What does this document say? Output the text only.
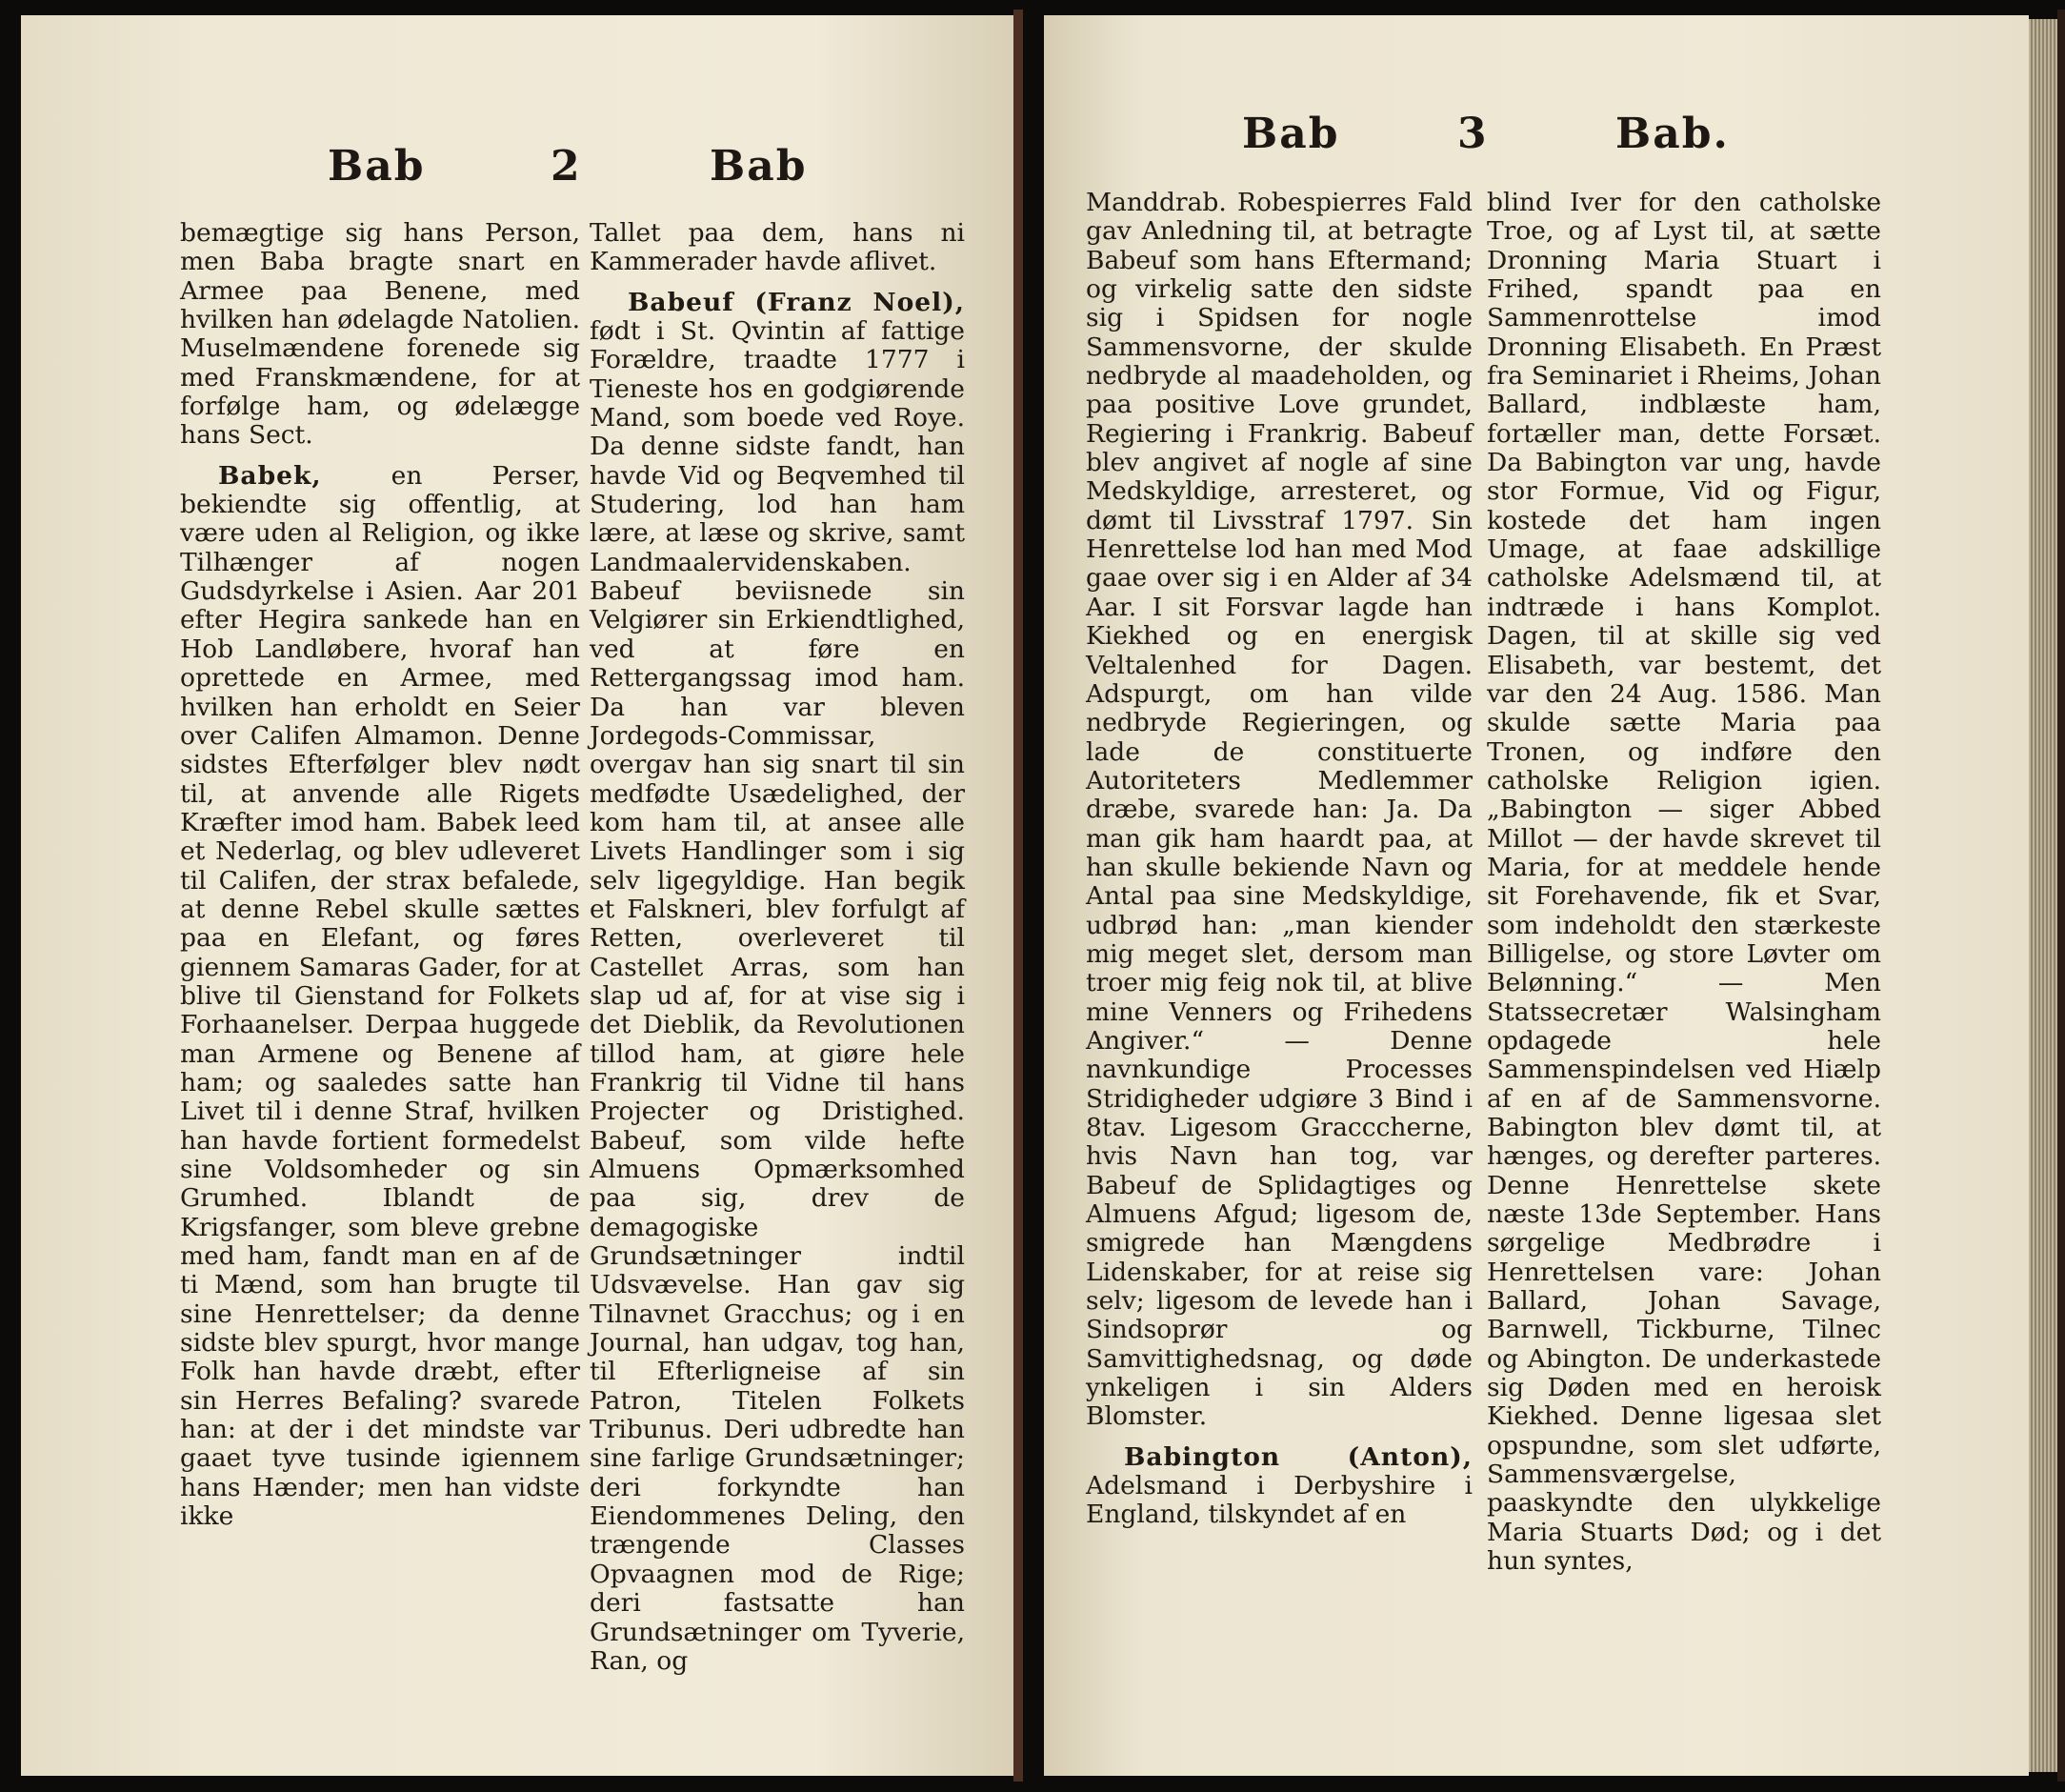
Bab	2	Bab

bemægtige sig hans Person, men Baba bragte snart en Armee paa Benene, med hvilken han ødelagde Natolien. Muselmændene forenede sig med Franskmændene, for at forfølge ham, og ødelægge hans Sect.

Babek, en Perser, bekiendte sig offentlig, at være uden al Religion, og ikke Tilhænger af nogen Gudsdyrkelse i Asien. Aar 201 efter Hegira sankede han en Hob Landløbere, hvoraf han oprettede en Armee, med hvilken han erholdt en Seier over Califen Almamon. Denne sidstes Efterfølger blev nødt til, at anvende alle Rigets Kræfter imod ham. Babek leed et Nederlag, og blev udleveret til Califen, der strax befalede, at denne Rebel skulle sættes paa en Elefant, og føres giennem Samaras Gader, for at blive til Gienstand for Folkets Forhaanelser. Derpaa huggede man Armene og Benene af ham; og saaledes satte han Livet til i denne Straf, hvilken han havde fortient formedelst sine Voldsomheder og sin Grumhed. Iblandt de Krigsfanger, som bleve grebne med ham, fandt man en af de ti Mænd, som han brugte til sine Henrettelser; da denne sidste blev spurgt, hvor mange Folk han havde dræbt, efter sin Herres Befaling? svarede han: at der i det mindste var gaaet tyve tusinde igiennem hans Hænder; men han vidste ikke

Tallet paa dem, hans ni Kammerader havde aflivet.

Babeuf (Franz Noel), født i St. Qvintin af fattige Forældre, traadte 1777 i Tieneste hos en godgiørende Mand, som boede ved Roye. Da denne sidste fandt, han havde Vid og Beqvemhed til Studering, lod han ham lære, at læse og skrive, samt Landmaalervidenskaben. Babeuf beviisnede sin Velgiører sin Erkiendtlighed, ved at føre en Rettergangssag imod ham. Da han var bleven Jordegods-Commissar, overgav han sig snart til sin medfødte Usædelighed, der kom ham til, at ansee alle Livets Handlinger som i sig selv ligegyldige. Han begik et Falskneri, blev forfulgt af Retten, overleveret til Castellet Arras, som han slap ud af, for at vise sig i det Dieblik, da Revolutionen tillod ham, at giøre hele Frankrig til Vidne til hans Projecter og Dristighed. Babeuf, som vilde hefte Almuens Opmærksomhed paa sig, drev de demagogiske Grundsætninger indtil Udsvævelse. Han gav sig Tilnavnet Gracchus; og i en Journal, han udgav, tog han, til Efterligneise af sin Patron, Titelen Folkets Tribunus. Deri udbredte han sine farlige Grundsætninger; deri forkyndte han Eiendommenes Deling, den trængende Classes Opvaagnen mod de Rige; deri fastsatte han Grundsætninger om Tyverie, Ran, og

Bab	3	Bab.

Manddrab. Robespierres Fald gav Anledning til, at betragte Babeuf som hans Eftermand; og virkelig satte den sidste sig i Spidsen for nogle Sammensvorne, der skulde nedbryde al maadeholden, og paa positive Love grundet, Regiering i Frankrig. Babeuf blev angivet af nogle af sine Medskyldige, arresteret, og dømt til Livsstraf 1797. Sin Henrettelse lod han med Mod gaae over sig i en Alder af 34 Aar. I sit Forsvar lagde han Kiekhed og en energisk Veltalenhed for Dagen. Adspurgt, om han vilde nedbryde Regieringen, og lade de constituerte Autoriteters Medlemmer dræbe, svarede han: Ja. Da man gik ham haardt paa, at han skulle bekiende Navn og Antal paa sine Medskyldige, udbrød han: „man kiender mig meget slet, dersom man troer mig feig nok til, at blive mine Venners og Frihedens Angiver.“ — Denne navnkundige Processes Stridigheder udgiøre 3 Bind i 8tav. Ligesom Gracccherne, hvis Navn han tog, var Babeuf de Splidagtiges og Almuens Afgud; ligesom de, smigrede han Mængdens Lidenskaber, for at reise sig selv; ligesom de levede han i Sindsoprør og Samvittighedsnag, og døde ynkeligen i sin Alders Blomster.

Babington (Anton), Adelsmand i Derbyshire i England, tilskyndet af en

blind Iver for den catholske Troe, og af Lyst til, at sætte Dronning Maria Stuart i Frihed, spandt paa en Sammenrottelse imod Dronning Elisabeth. En Præst fra Seminariet i Rheims, Johan Ballard, indblæste ham, fortæller man, dette Forsæt. Da Babington var ung, havde stor Formue, Vid og Figur, kostede det ham ingen Umage, at faae adskillige catholske Adelsmænd til, at indtræde i hans Komplot. Dagen, til at skille sig ved Elisabeth, var bestemt, det var den 24 Aug. 1586. Man skulde sætte Maria paa Tronen, og indføre den catholske Religion igien. „Babington — siger Abbed Millot — der havde skrevet til Maria, for at meddele hende sit Forehavende, fik et Svar, som indeholdt den stærkeste Billigelse, og store Løvter om Belønning.“ — Men Statssecretær Walsingham opdagede hele Sammenspindelsen ved Hiælp af en af de Sammensvorne. Babington blev dømt til, at hænges, og derefter parteres. Denne Henrettelse skete næste 13de September. Hans sørgelige Medbrødre i Henrettelsen vare: Johan Ballard, Johan Savage, Barnwell, Tickburne, Tilnec og Abington. De underkastede sig Døden med en heroisk Kiekhed. Denne ligesaa slet opspundne, som slet udførte, Sammensværgelse, paaskyndte den ulykkelige Maria Stuarts Død; og i det hun syntes,
